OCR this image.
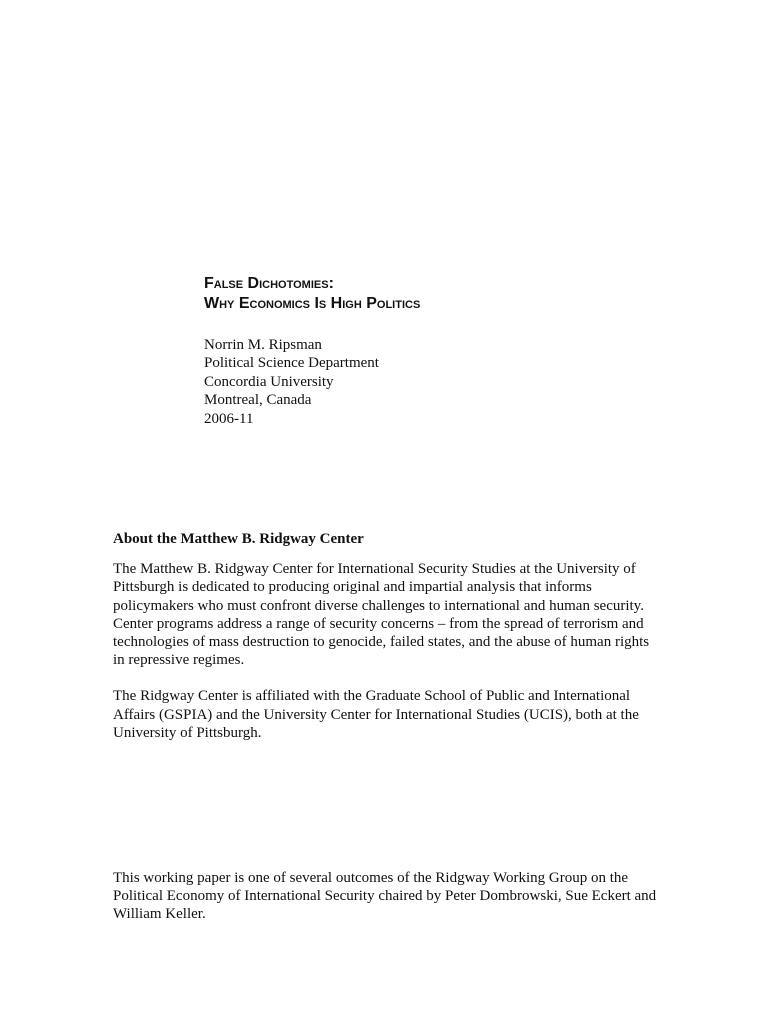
False Dichotomies:
Why Economics Is High Politics
Norrin M. Ripsman
Political Science Department
Concordia University
Montreal, Canada
2006-11
About the Matthew B. Ridgway Center

The Matthew B. Ridgway Center for International Security Studies at the University of Pittsburgh is dedicated to producing original and impartial analysis that informs policymakers who must confront diverse challenges to international and human security. Center programs address a range of security concerns – from the spread of terrorism and technologies of mass destruction to genocide, failed states, and the abuse of human rights in repressive regimes.

The Ridgway Center is affiliated with the Graduate School of Public and International Affairs (GSPIA) and the University Center for International Studies (UCIS), both at the University of Pittsburgh.

This working paper is one of several outcomes of the Ridgway Working Group on the Political Economy of International Security chaired by Peter Dombrowski, Sue Eckert and William Keller.
